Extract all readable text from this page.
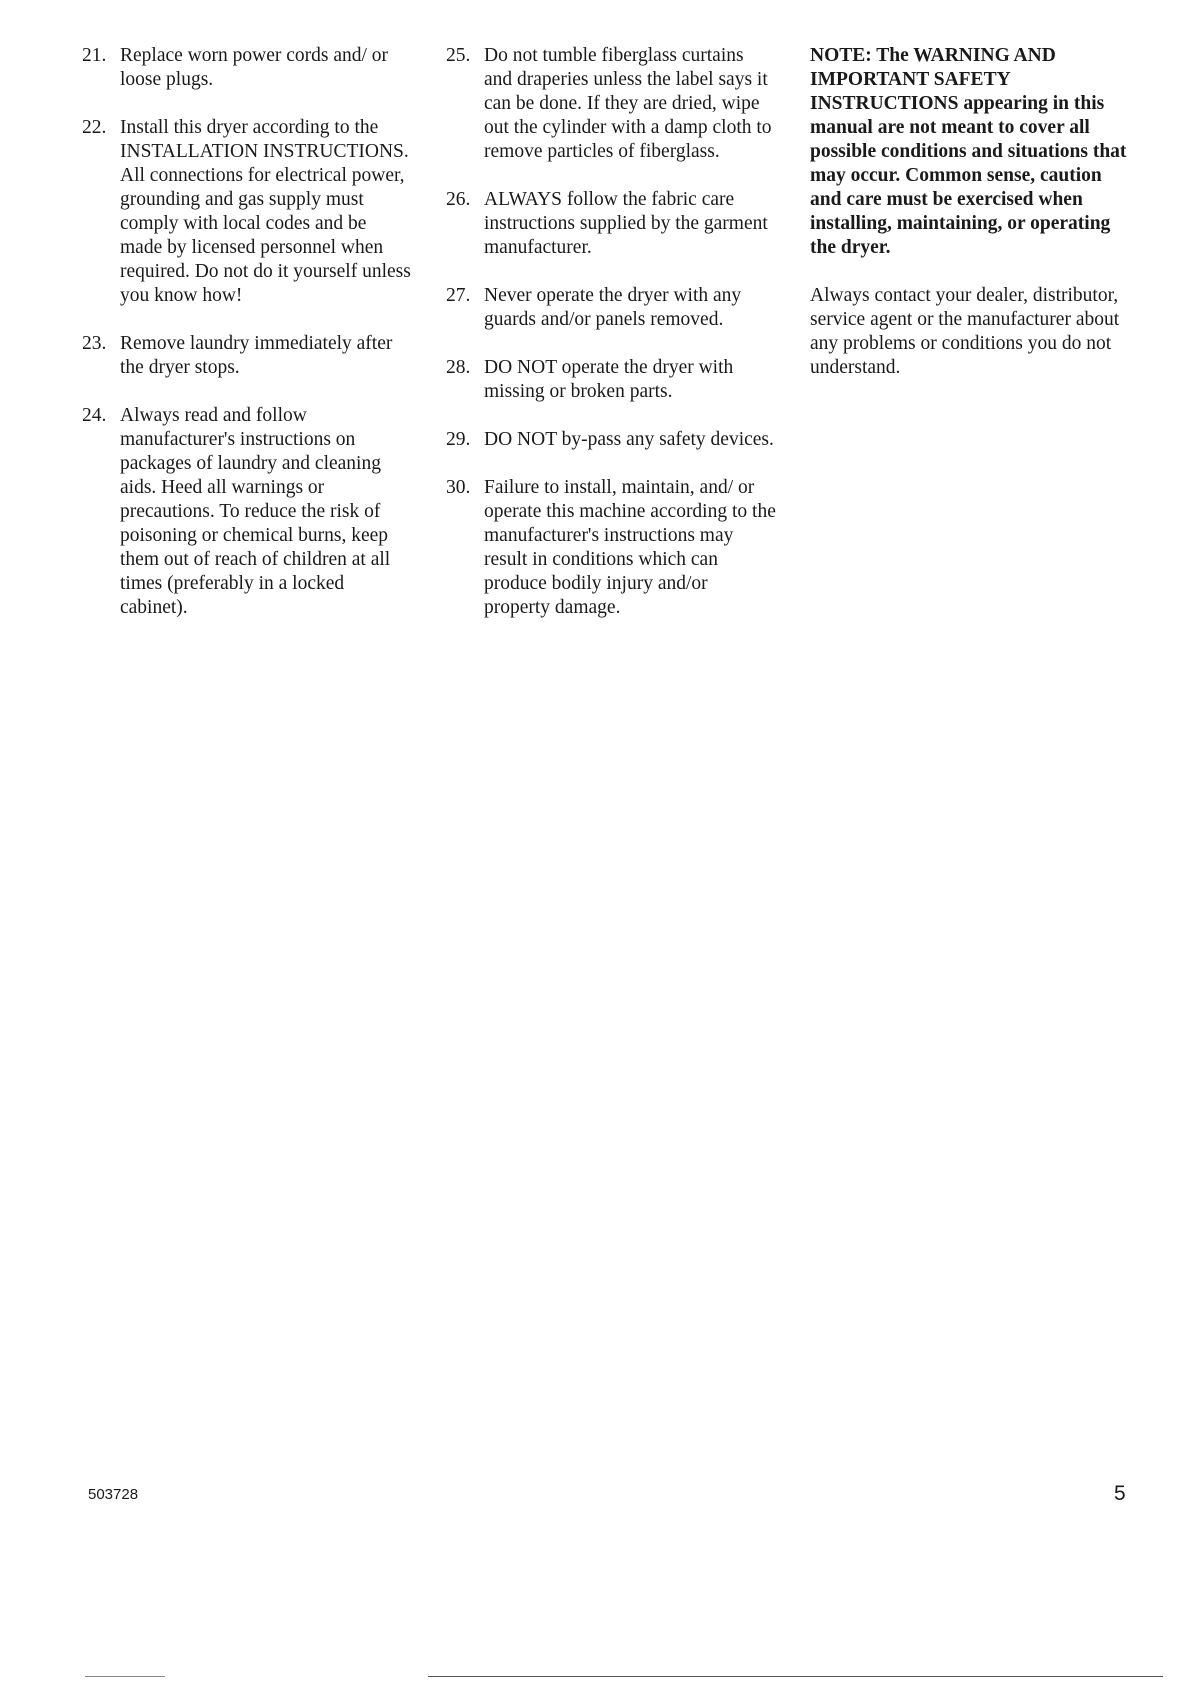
21. Replace worn power cords and/ or loose plugs.
22. Install this dryer according to the INSTALLATION INSTRUCTIONS. All connections for electrical power, grounding and gas supply must comply with local codes and be made by licensed personnel when required. Do not do it yourself unless you know how!
23. Remove laundry immediately after the dryer stops.
24. Always read and follow manufacturer's instructions on packages of laundry and cleaning aids. Heed all warnings or precautions. To reduce the risk of poisoning or chemical burns, keep them out of reach of children at all times (preferably in a locked cabinet).
25. Do not tumble fiberglass curtains and draperies unless the label says it can be done. If they are dried, wipe out the cylinder with a damp cloth to remove particles of fiberglass.
26. ALWAYS follow the fabric care instructions supplied by the garment manufacturer.
27. Never operate the dryer with any guards and/or panels removed.
28. DO NOT operate the dryer with missing or broken parts.
29. DO NOT by-pass any safety devices.
30. Failure to install, maintain, and/ or operate this machine according to the manufacturer's instructions may result in conditions which can produce bodily injury and/or property damage.

NOTE: The WARNING AND IMPORTANT SAFETY INSTRUCTIONS appearing in this manual are not meant to cover all possible conditions and situations that may occur. Common sense, caution and care must be exercised when installing, maintaining, or operating the dryer.

Always contact your dealer, distributor, service agent or the manufacturer about any problems or conditions you do not understand.

503728	5
